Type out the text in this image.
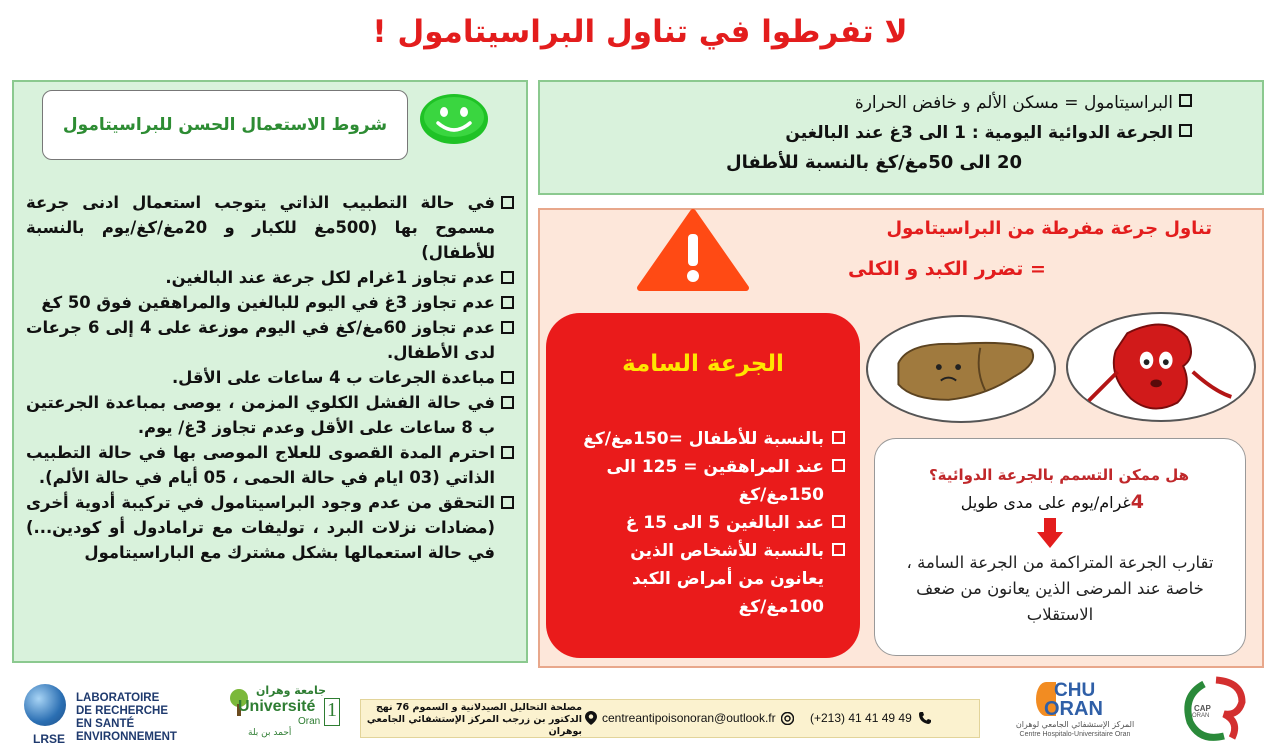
لا تفرطوا في تناول البراسيتامول !
شروط الاستعمال الحسن للبراسيتامول
في حالة التطبيب الذاتي يتوجب استعمال ادنى جرعة مسموح بها (500مغ للكبار و 20مغ/كغ/يوم بالنسبة للأطفال)
عدم تجاوز 1غرام لكل جرعة عند البالغين.
عدم تجاوز 3غ في اليوم للبالغين والمراهقين فوق 50 كغ
عدم تجاوز 60مغ/كغ في اليوم موزعة على 4 إلى 6 جرعات لدى الأطفال.
مباعدة الجرعات ب 4 ساعات على الأقل.
في حالة الفشل الكلوي المزمن ، يوصى بمباعدة الجرعتين ب 8 ساعات على الأقل وعدم تجاوز 3غ/ يوم.
احترم المدة القصوى للعلاج الموصى بها في حالة التطبيب الذاتي (03 ايام في حالة الحمى ، 05 أيام في حالة الألم).
التحقق من عدم وجود البراسيتامول في تركيبة أدوية أخرى (مضادات نزلات البرد ، توليفات مع ترامادول أو كودين...) في حالة استعمالها بشكل مشترك مع الباراسيتامول
البراسيتامول = مسكن الألم و خافض الحرارة
الجرعة الدوائية اليومية : 1 الى 3غ عند البالغين
20 الى 50مغ/كغ بالنسبة للأطفال
تناول جرعة مفرطة من البراسيتامول
= تضرر الكبد و الكلى
الجرعة السامة
بالنسبة للأطفال =150مغ/كغ
عند المراهقين = 125 الى 150مغ/كغ
عند البالغين 5 الى 15 غ
بالنسبة للأشخاص الذين يعانون من أمراض الكبد 100مغ/كغ
هل ممكن التسمم بالجرعة الدوائية؟
4غرام/يوم على مدى طويل
تقارب الجرعة المتراكمة من الجرعة السامة ، خاصة عند المرضى الذين يعانون من ضعف الاستقلاب
LRSE
LABORATOIRE
DE RECHERCHE
EN SANTÉ ENVIRONNEMENT
جامعة وهران
Université
Oran
1
أحمد بن بلة
مصلحة التحاليل الصيدلانية و السموم 76 نهج الدكتور بن زرجب المركز الإستشفائي الجامعي بوهران
centreantipoisonoran@outlook.fr	(+213) 41 41 49 49
CHU
ORAN
المركز الإستشفائي الجامعي لوهران
Centre Hospitalo-Universitaire Oran
CAP
ORAN
